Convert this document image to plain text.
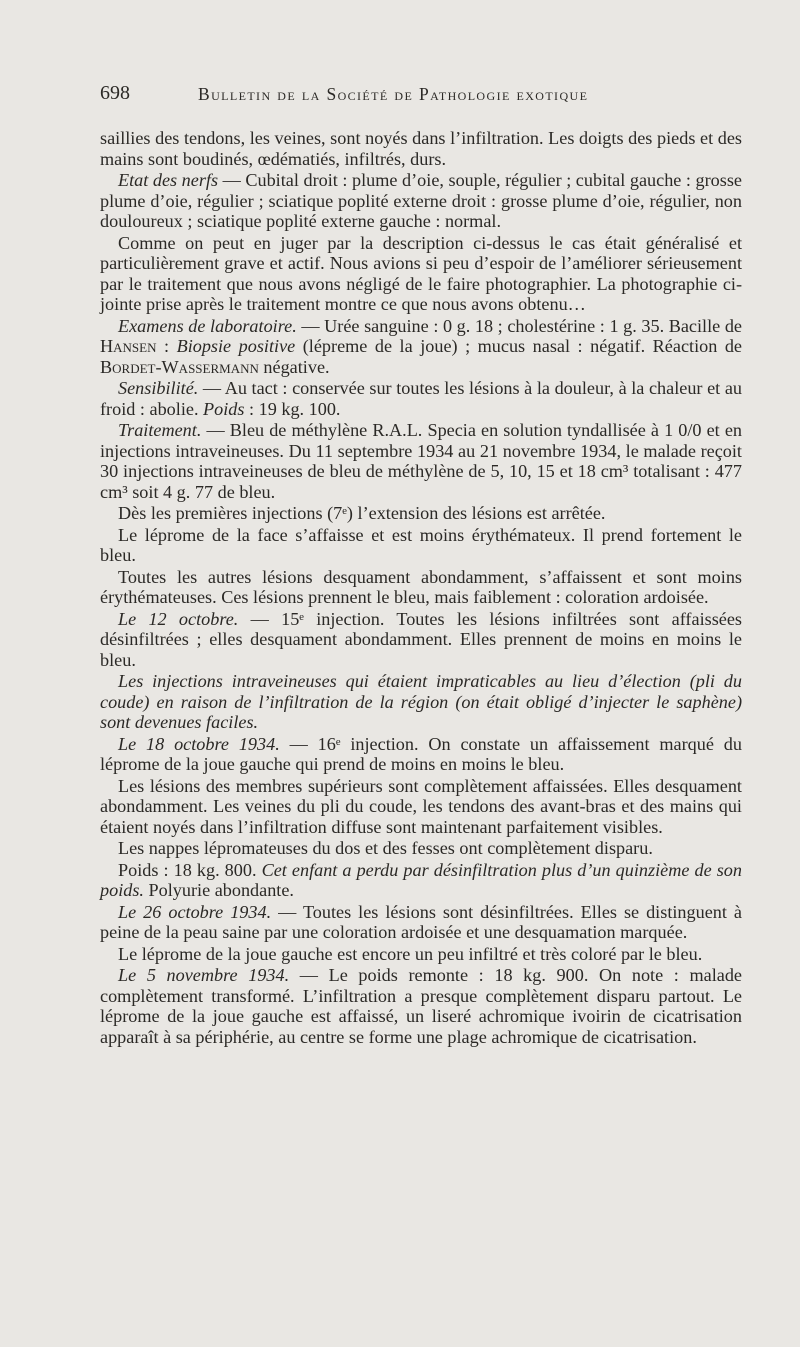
698	Bulletin de la Société de Pathologie exotique

saillies des tendons, les veines, sont noyés dans l’infiltration. Les doigts des pieds et des mains sont boudinés, œdématiés, infiltrés, durs.

Etat des nerfs — Cubital droit : plume d’oie, souple, régulier ; cubital gauche : grosse plume d’oie, régulier ; sciatique poplité externe droit : grosse plume d’oie, régulier, non douloureux ; sciatique poplité externe gauche : normal.

Comme on peut en juger par la description ci-dessus le cas était généralisé et particulièrement grave et actif. Nous avions si peu d’espoir de l’améliorer sérieusement par le traitement que nous avons négligé de le faire photographier. La photographie ci-jointe prise après le traitement montre ce que nous avons obtenu…

Examens de laboratoire. — Urée sanguine : 0 g. 18 ; cholestérine : 1 g. 35. Bacille de Hansen : Biopsie positive (lépreme de la joue) ; mucus nasal : négatif. Réaction de Bordet-Wassermann négative.

Sensibilité. — Au tact : conservée sur toutes les lésions à la douleur, à la chaleur et au froid : abolie. Poids : 19 kg. 100.

Traitement. — Bleu de méthylène R.A.L. Specia en solution tyndallisée à 1 0/0 et en injections intraveineuses. Du 11 septembre 1934 au 21 novembre 1934, le malade reçoit 30 injections intraveineuses de bleu de méthylène de 5, 10, 15 et 18 cm³ totalisant : 477 cm³ soit 4 g. 77 de bleu.

Dès les premières injections (7ᵉ) l’extension des lésions est arrêtée.

Le léprome de la face s’affaisse et est moins érythémateux. Il prend fortement le bleu.

Toutes les autres lésions desquament abondamment, s’affaissent et sont moins érythémateuses. Ces lésions prennent le bleu, mais faiblement : coloration ardoisée.

Le 12 octobre. — 15ᵉ injection. Toutes les lésions infiltrées sont affaissées désinfiltrées ; elles desquament abondamment. Elles prennent de moins en moins le bleu.

Les injections intraveineuses qui étaient impraticables au lieu d’élection (pli du coude) en raison de l’infiltration de la région (on était obligé d’injecter le saphène) sont devenues faciles.

Le 18 octobre 1934. — 16ᵉ injection. On constate un affaissement marqué du léprome de la joue gauche qui prend de moins en moins le bleu.

Les lésions des membres supérieurs sont complètement affaissées. Elles desquament abondamment. Les veines du pli du coude, les tendons des avant-bras et des mains qui étaient noyés dans l’infiltration diffuse sont maintenant parfaitement visibles.

Les nappes lépromateuses du dos et des fesses ont complètement disparu.

Poids : 18 kg. 800. Cet enfant a perdu par désinfiltration plus d’un quinzième de son poids. Polyurie abondante.

Le 26 octobre 1934. — Toutes les lésions sont désinfiltrées. Elles se distinguent à peine de la peau saine par une coloration ardoisée et une desquamation marquée.

Le léprome de la joue gauche est encore un peu infiltré et très coloré par le bleu.

Le 5 novembre 1934. — Le poids remonte : 18 kg. 900. On note : malade complètement transformé. L’infiltration a presque complètement disparu partout. Le léprome de la joue gauche est affaissé, un liseré achromique ivoirin de cicatrisation apparaît à sa périphérie, au centre se forme une plage achromique de cicatrisation.
